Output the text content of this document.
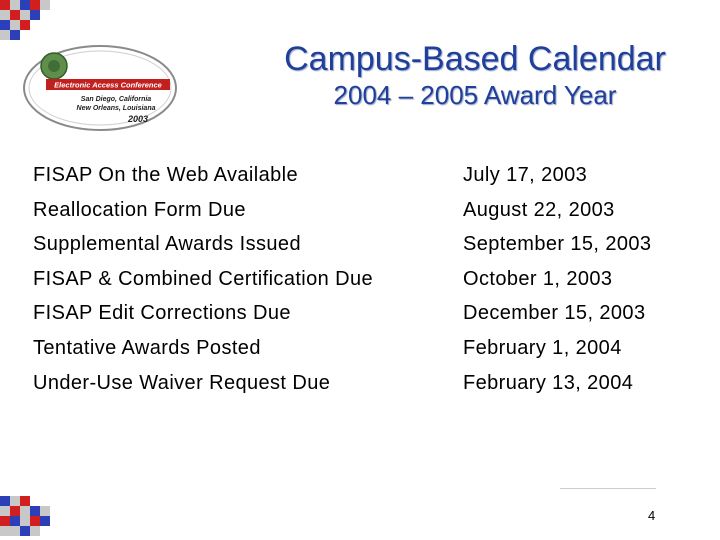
Electronic Access Conference
San Diego, California
New Orleans, Louisiana
2003
Campus-Based Calendar
2004 – 2005 Award Year
FISAP On the Web Available	July 17, 2003
Reallocation Form Due	August 22, 2003
Supplemental Awards Issued	September 15, 2003
FISAP & Combined Certification Due	October 1, 2003
FISAP Edit Corrections Due	December 15, 2003
Tentative Awards Posted	February 1, 2004
Under-Use Waiver Request Due	February 13, 2004
4
